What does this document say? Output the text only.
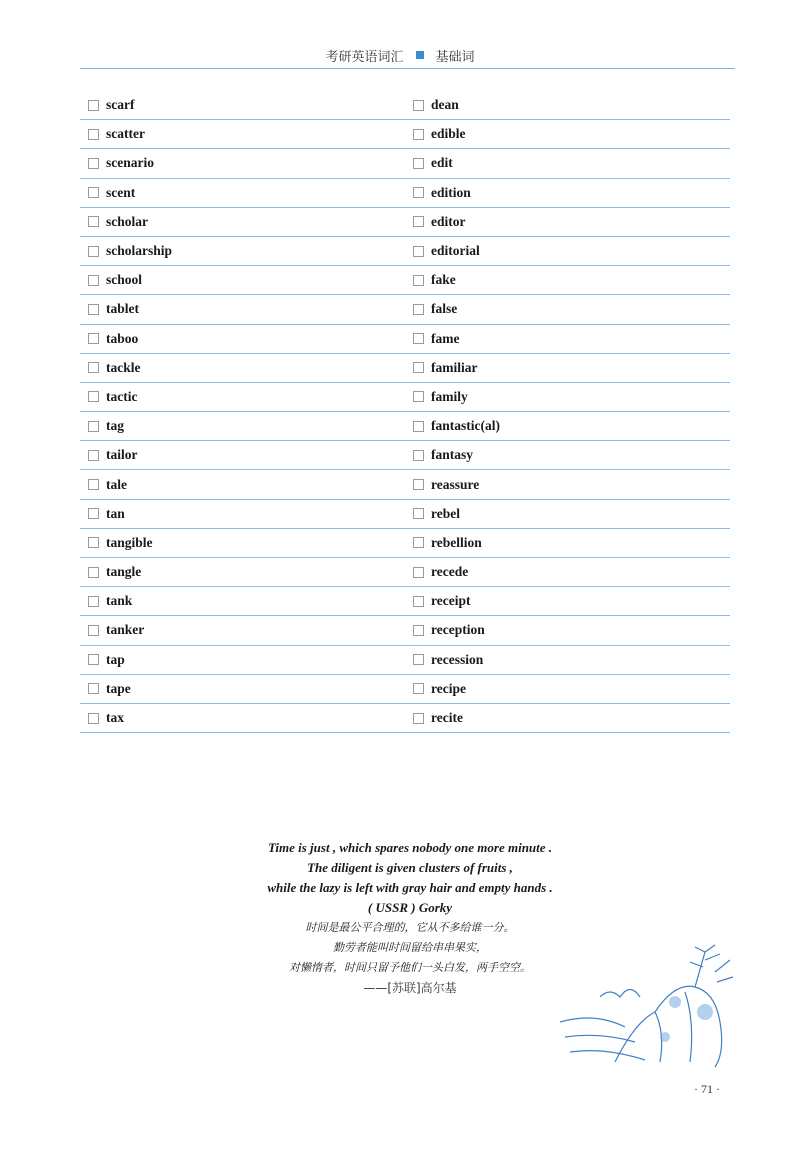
考研英语词汇 基础词
scarf	dean
scatter	edible
scenario	edit
scent	edition
scholar	editor
scholarship	editorial
school	fake
tablet	false
taboo	fame
tackle	familiar
tactic	family
tag	fantastic(al)
tailor	fantasy
tale	reassure
tan	rebel
tangible	rebellion
tangle	recede
tank	receipt
tanker	reception
tap	recession
tape	recipe
tax	recite
Time is just , which spares nobody one more minute .
The diligent is given clusters of fruits ,
while the lazy is left with gray hair and empty hands .
( USSR ) Gorky
时间是最公平合理的，它从不多给谁一分。
勤劳者能叫时间留给串串果实，
对懒惰者，时间只留予他们一头白发，两手空空。
——[苏联]高尔基
· 71 ·
